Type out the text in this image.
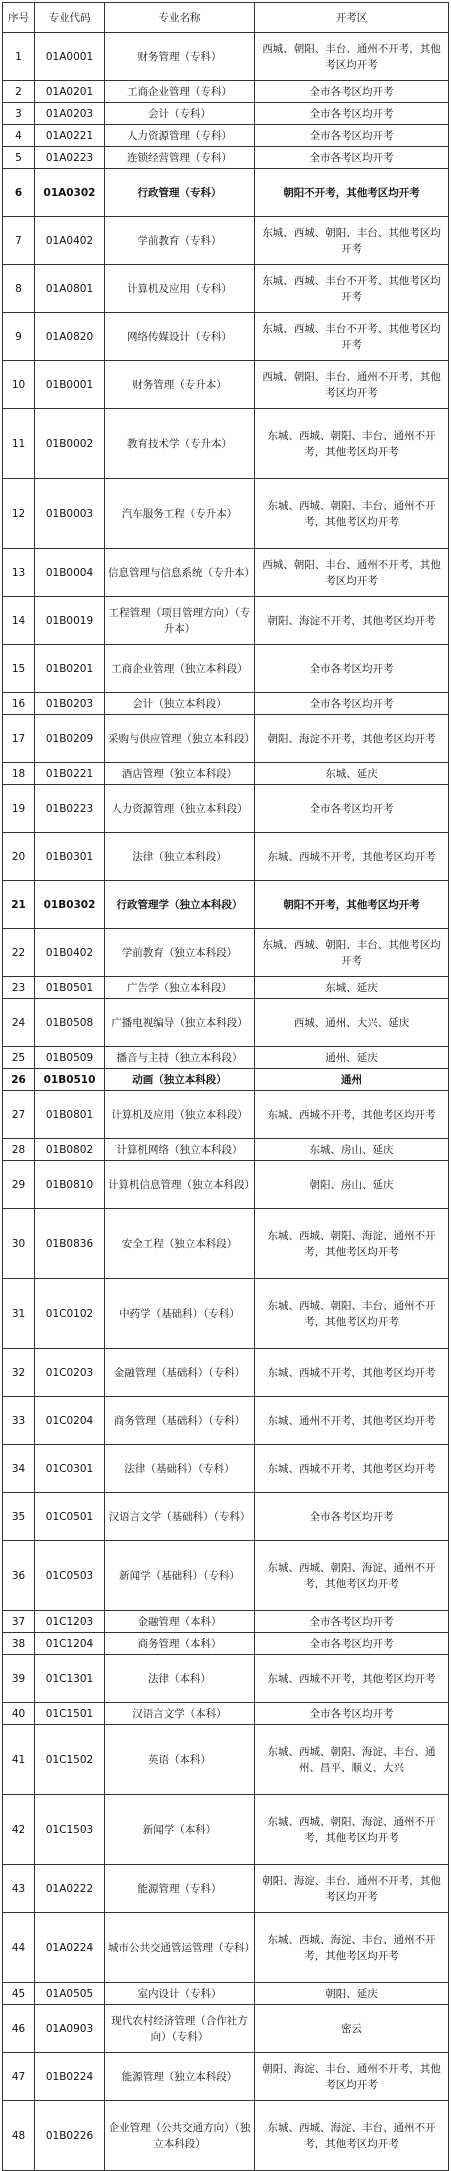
序号	专业代码	专业名称	开考区
1	01A0001	财务管理（专科）	西城、朝阳、丰台、通州不开考，其他考区均开考
2	01A0201	工商企业管理（专科）	全市各考区均开考
3	01A0203	会计（专科）	全市各考区均开考
4	01A0221	人力资源管理（专科）	全市各考区均开考
5	01A0223	连锁经营管理（专科）	全市各考区均开考
6	01A0302	行政管理（专科）	朝阳不开考，其他考区均开考
7	01A0402	学前教育（专科）	东城、西城、朝阳、丰台、其他考区均开考
8	01A0801	计算机及应用（专科）	东城、西城、丰台不开考、其他考区均开考
9	01A0820	网络传媒设计（专科）	东城、西城、丰台不开考、其他考区均开考
10	01B0001	财务管理（专升本）	西城、朝阳、丰台、通州不开考，其他考区均开考
11	01B0002	教育技术学（专升本）	东城、西城、朝阳、丰台、通州不开考，其他考区均开考
12	01B0003	汽车服务工程（专升本）	东城、西城、朝阳、丰台、通州不开考，其他考区均开考
13	01B0004	信息管理与信息系统（专升本）	西城、朝阳、丰台、通州不开考，其他考区均开考
14	01B0019	工程管理（项目管理方向）（专升本）	朝阳、海淀不开考，其他考区均开考
15	01B0201	工商企业管理（独立本科段）	全市各考区均开考
16	01B0203	会计（独立本科段）	全市各考区均开考
17	01B0209	采购与供应管理（独立本科段）	朝阳、海淀不开考，其他考区均开考
18	01B0221	酒店管理（独立本科段）	东城、延庆
19	01B0223	人力资源管理（独立本科段）	全市各考区均开考
20	01B0301	法律（独立本科段）	东城、西城不开考，其他考区均开考
21	01B0302	行政管理学（独立本科段）	朝阳不开考，其他考区均开考
22	01B0402	学前教育（独立本科段）	东城、西城、朝阳、丰台、其他考区均开考
23	01B0501	广告学（独立本科段）	东城、延庆
24	01B0508	广播电视编导（独立本科段）	西城、通州、大兴、延庆
25	01B0509	播音与主持（独立本科段）	通州、延庆
26	01B0510	动画（独立本科段）	通州
27	01B0801	计算机及应用（独立本科段）	东城、西城不开考，其他考区均开考
28	01B0802	计算机网络（独立本科段）	东城、房山、延庆
29	01B0810	计算机信息管理（独立本科段）	朝阳、房山、延庆
30	01B0836	安全工程（独立本科段）	东城、西城、朝阳、海淀、通州不开考，其他考区均开考
31	01C0102	中药学（基础科）（专科）	东城、西城、朝阳、丰台、通州不开考，其他考区均开考
32	01C0203	金融管理（基础科）（专科）	东城、西城不开考，其他考区均开考
33	01C0204	商务管理（基础科）（专科）	东城、通州不开考，其他考区均开考
34	01C0301	法律（基础科）（专科）	东城、西城不开考，其他考区均开考
35	01C0501	汉语言文学（基础科）（专科）	全市各考区均开考
36	01C0503	新闻学（基础科）（专科）	东城、西城、朝阳、海淀、通州不开考，其他考区均开考
37	01C1203	金融管理（本科）	全市各考区均开考
38	01C1204	商务管理（本科）	全市各考区均开考
39	01C1301	法律（本科）	东城、西城不开考，其他考区均开考
40	01C1501	汉语言文学（本科）	全市各考区均开考
41	01C1502	英语（本科）	东城、西城、朝阳、海淀、丰台、通州、昌平、顺义、大兴
42	01C1503	新闻学（本科）	东城、西城、朝阳、海淀、通州不开考，其他考区均开考
43	01A0222	能源管理（专科）	朝阳、海淀、丰台、通州不开考，其他考区均开考
44	01A0224	城市公共交通管运管理（专科）	东城、西城、海淀、丰台、通州不开考，其他考区均开考
45	01A0505	室内设计（专科）	朝阳、延庆
46	01A0903	现代农村经济管理（合作社方向）（专科）	密云
47	01B0224	能源管理（独立本科段）	朝阳、海淀、丰台、通州不开考，其他考区均开考
48	01B0226	企业管理（公共交通方向）（独立本科段）	东城、西城、海淀、丰台、通州不开考，其他考区均开考
